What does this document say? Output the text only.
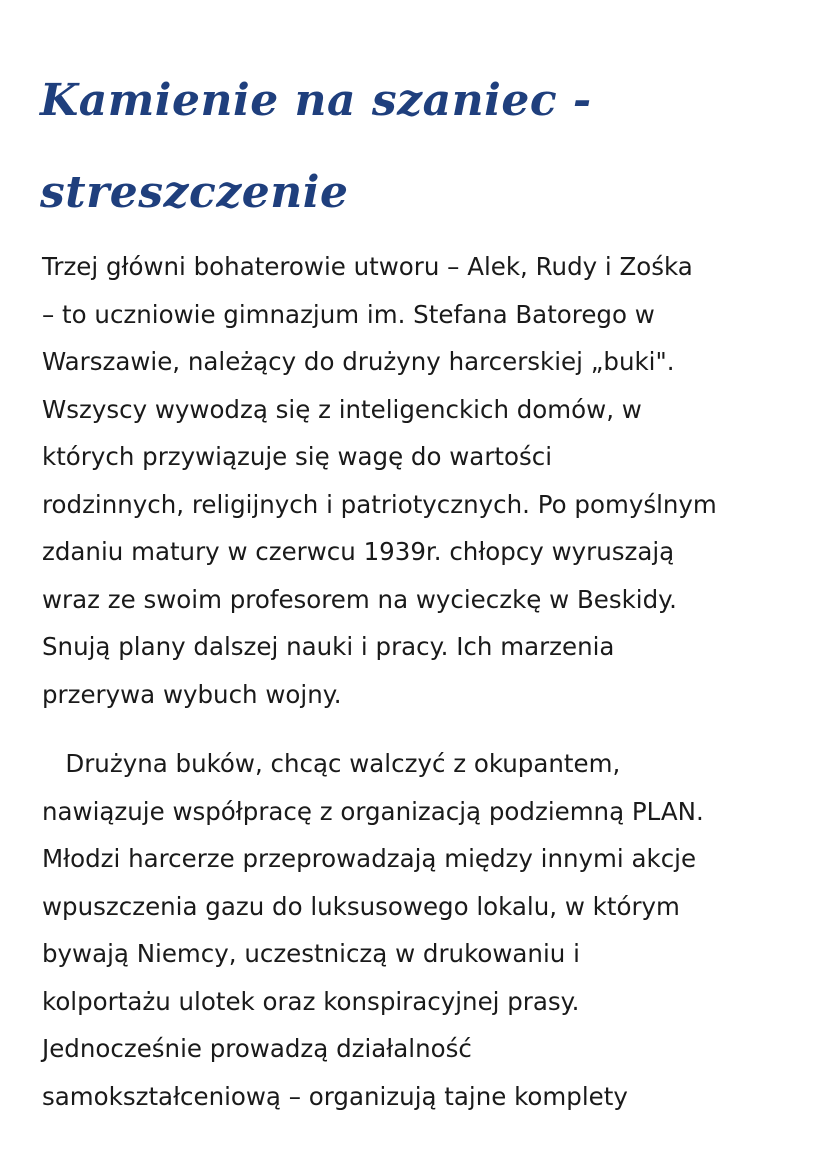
Kamienie na szaniec -
streszczenie
Trzej główni bohaterowie utworu – Alek, Rudy i Zośka
– to uczniowie gimnazjum im. Stefana Batorego w
Warszawie, należący do drużyny harcerskiej „buki".
Wszyscy wywodzą się z inteligenckich domów, w
których przywiązuje się wagę do wartości
rodzinnych, religijnych i patriotycznych. Po pomyślnym
zdaniu matury w czerwcu 1939r. chłopcy wyruszają
wraz ze swoim profesorem na wycieczkę w Beskidy.
Snują plany dalszej nauki i pracy. Ich marzenia
przerywa wybuch wojny.
Drużyna buków, chcąc walczyć z okupantem,
nawiązuje współpracę z organizacją podziemną PLAN.
Młodzi harcerze przeprowadzają między innymi akcje
wpuszczenia gazu do luksusowego lokalu, w którym
bywają Niemcy, uczestniczą w drukowaniu i
kolportażu ulotek oraz konspiracyjnej prasy.
Jednocześnie prowadzą działalność
samokształceniową – organizują tajne komplety
